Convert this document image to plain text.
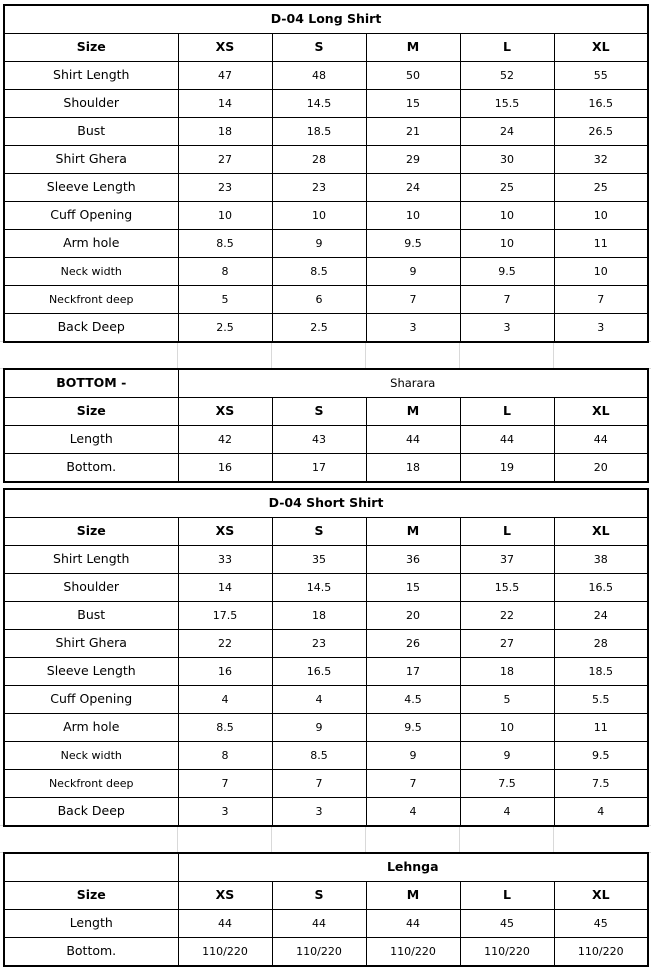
D-04 Long Shirt					
Size	XS	S	M	L	XL
Shirt Length	47	48	50	52	55
Shoulder	14	14.5	15	15.5	16.5
Bust	18	18.5	21	24	26.5
Shirt Ghera	27	28	29	30	32
Sleeve Length	23	23	24	25	25
Cuff Opening	10	10	10	10	10
Arm hole	8.5	9	9.5	10	11
Neck width	8	8.5	9	9.5	10
Neckfront deep	5	6	7	7	7
Back Deep	2.5	2.5	3	3	3
BOTTOM -	Sharara				
Size	XS	S	M	L	XL
Length	42	43	44	44	44
Bottom.	16	17	18	19	20
D-04 Short Shirt					
Size	XS	S	M	L	XL
Shirt Length	33	35	36	37	38
Shoulder	14	14.5	15	15.5	16.5
Bust	17.5	18	20	22	24
Shirt Ghera	22	23	26	27	28
Sleeve Length	16	16.5	17	18	18.5
Cuff Opening	4	4	4.5	5	5.5
Arm hole	8.5	9	9.5	10	11
Neck width	8	8.5	9	9	9.5
Neckfront deep	7	7	7	7.5	7.5
Back Deep	3	3	4	4	4
	Lehnga				
Size	XS	S	M	L	XL
Length	44	44	44	45	45
Bottom.	110/220	110/220	110/220	110/220	110/220
